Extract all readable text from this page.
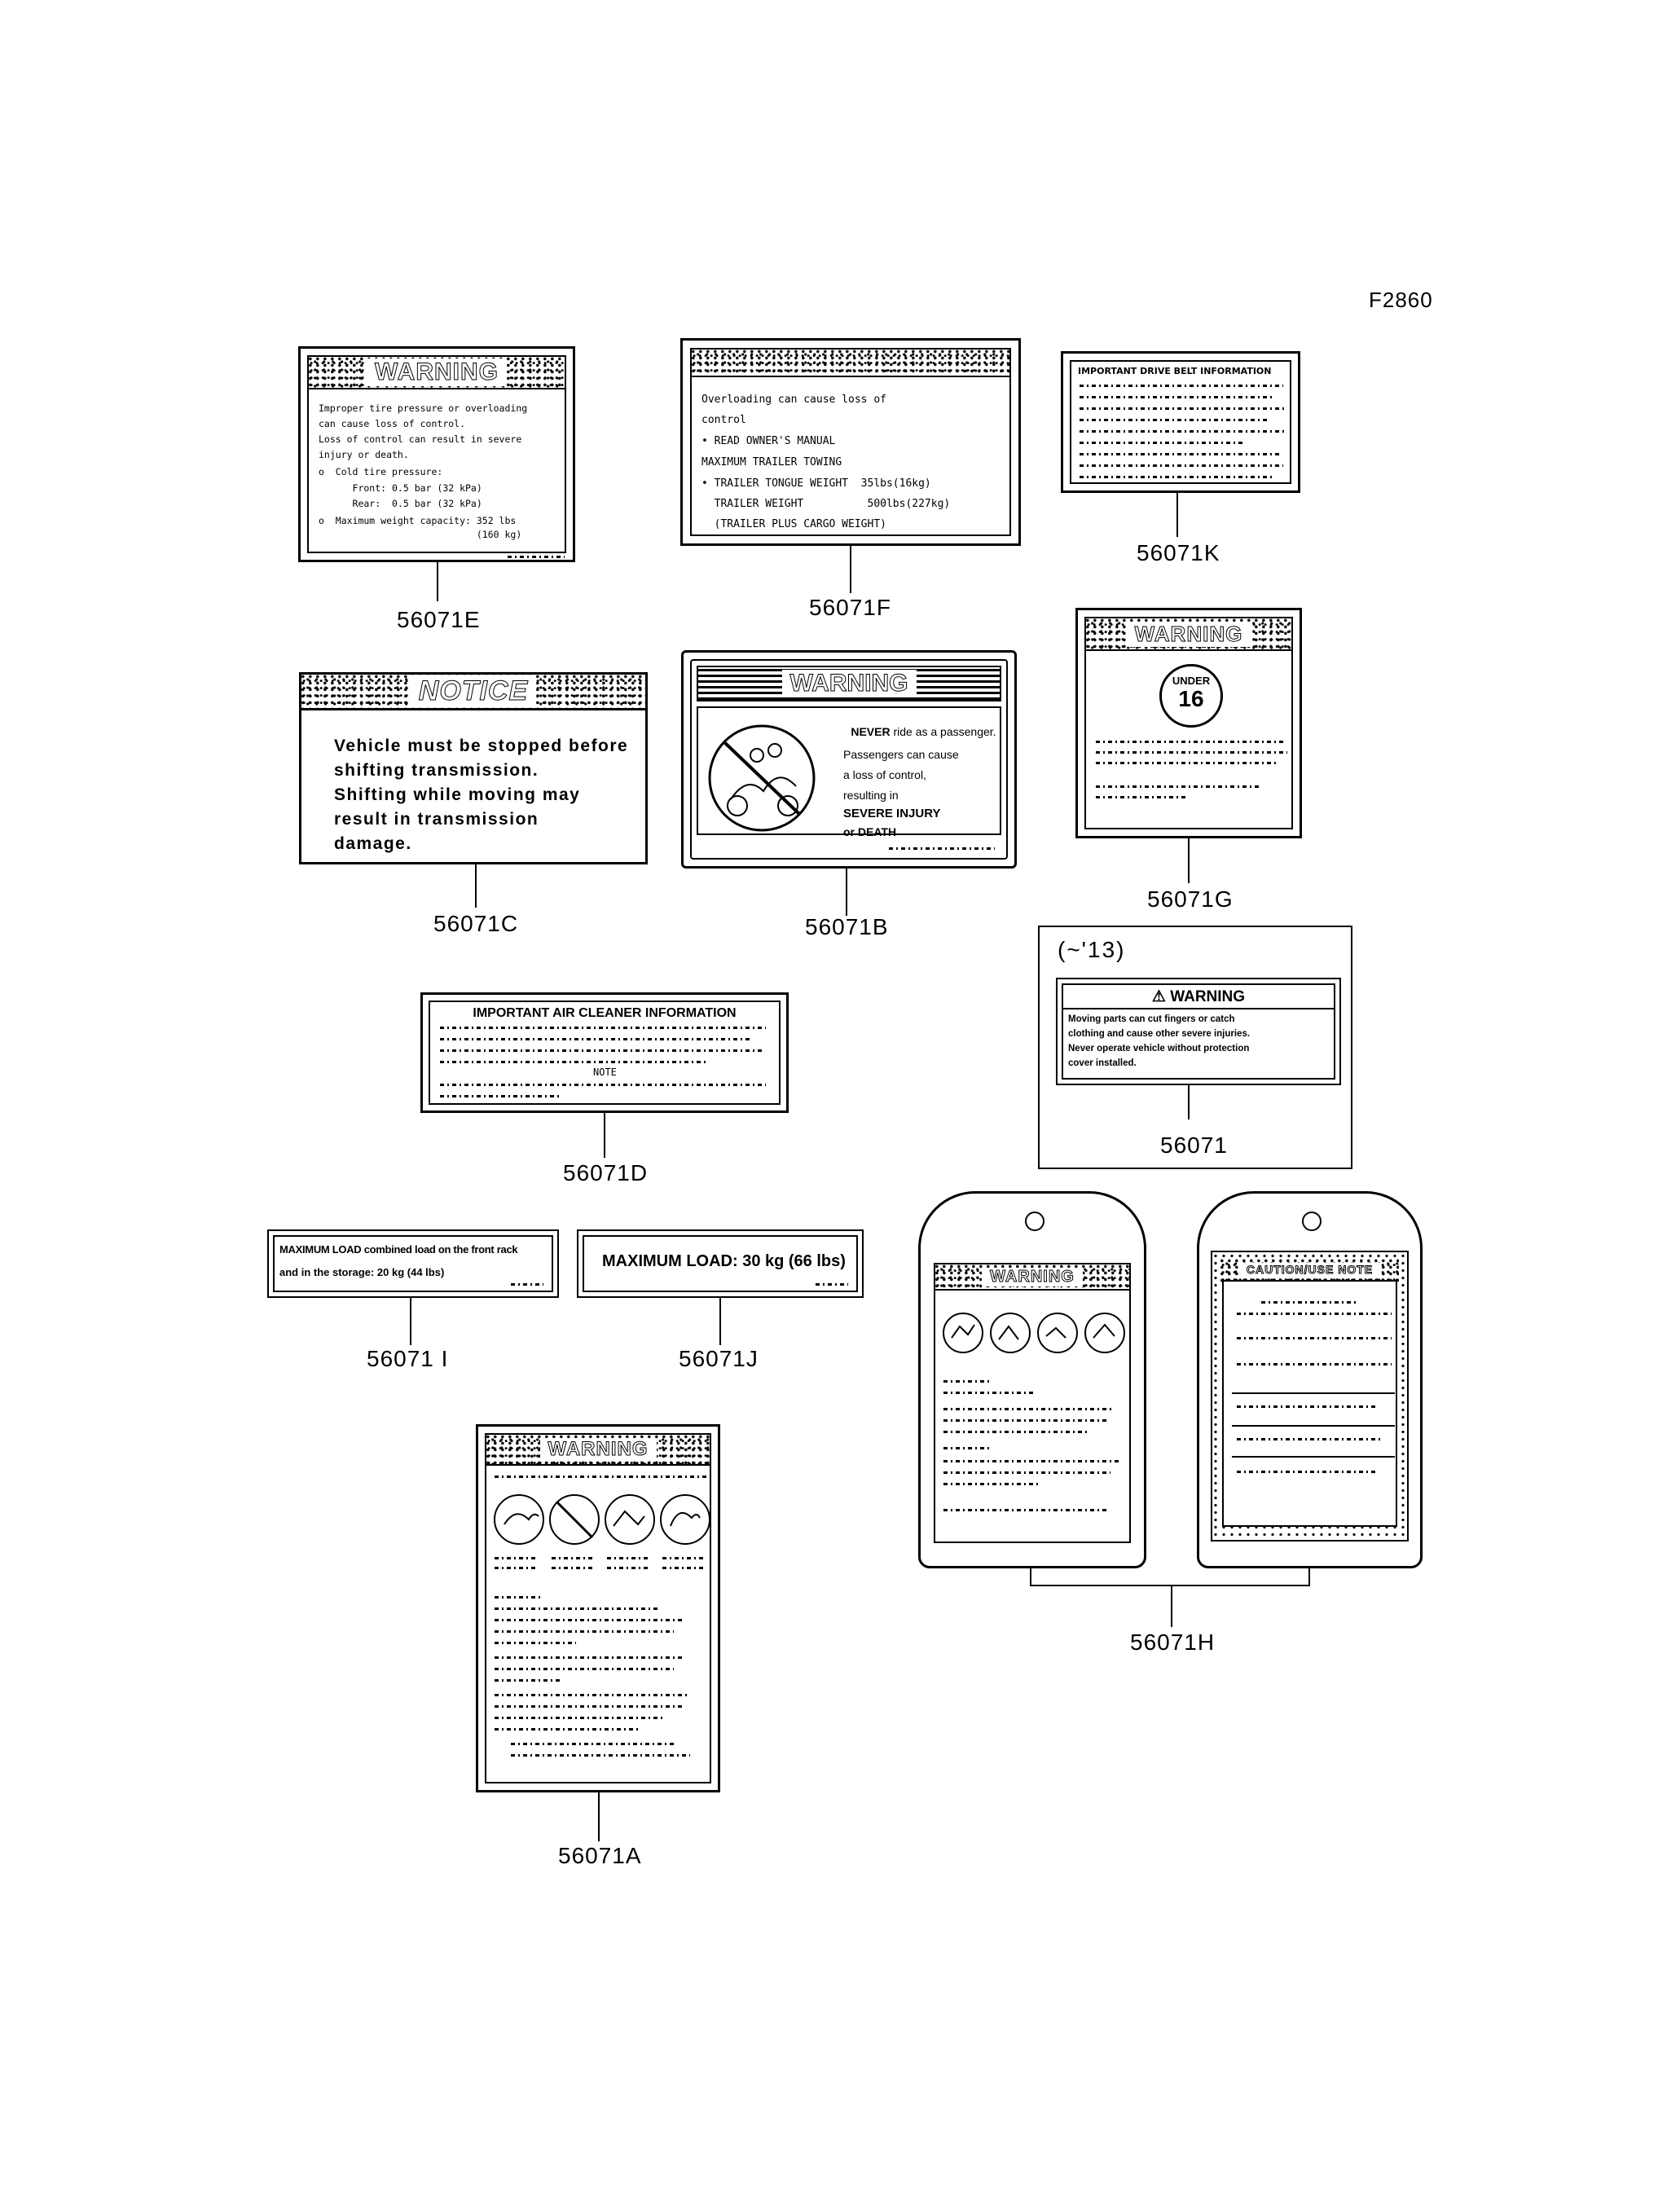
F2860
WARNING
Improper tire pressure or overloading
can cause loss of control.
Loss of control can result in severe
injury or death.
o  Cold tire pressure:
Front: 0.5 bar (32 kPa)
Rear:  0.5 bar (32 kPa)
o  Maximum weight capacity: 352 lbs
(160 kg)
56071E
Overloading can cause loss of
control
• READ OWNER'S MANUAL
MAXIMUM TRAILER TOWING
• TRAILER TONGUE WEIGHT  35lbs(16kg)
TRAILER WEIGHT          500lbs(227kg)
(TRAILER PLUS CARGO WEIGHT)
56071F
IMPORTANT DRIVE BELT INFORMATION
56071K
NOTICE
Vehicle must be stopped before
shifting transmission.
Shifting while moving may
result in transmission
damage.
56071C
WARNING

NEVER ride as a passenger.

Passengers can cause
a loss of control,
resulting in
SEVERE INJURY
or DEATH
56071B
WARNING
UNDER
16
56071G
(~'13)
⚠ WARNING
Moving parts can cut fingers or catch
clothing and cause other severe injuries.
Never operate vehicle without protection
cover installed.
56071
IMPORTANT AIR CLEANER INFORMATION
NOTE
56071D
MAXIMUM LOAD combined load on the front rack
and in the storage: 20 kg (44 lbs)
56071 I
MAXIMUM LOAD: 30 kg (66 lbs)
56071J
WARNING	CAUTION/USE NOTE
56071H
WARNING
56071A
